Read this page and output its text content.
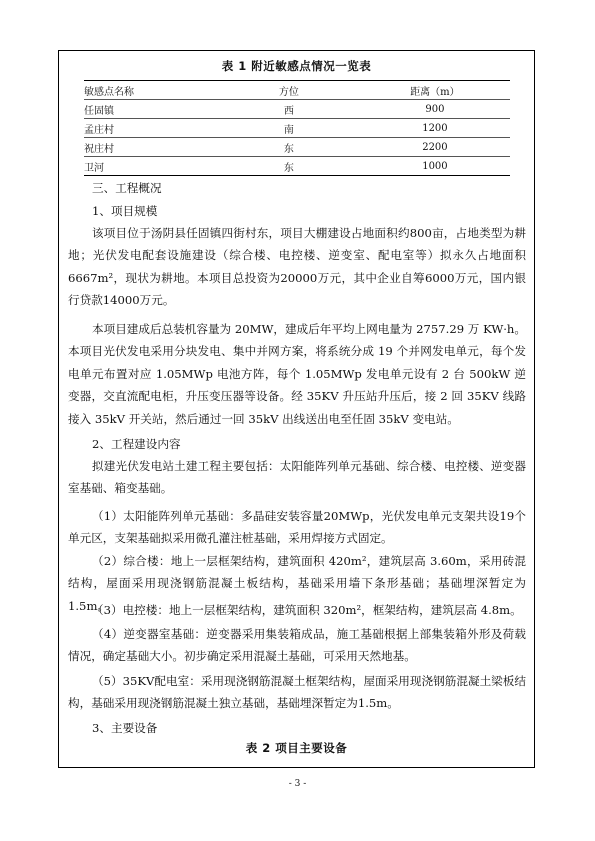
表 1 附近敏感点情况一览表
敏感点名称	方位	距离（m）
任固镇	西	900
孟庄村	南	1200
祝庄村	东	2200
卫河	东	1000
三、工程概况
1、项目规模
该项目位于汤阴县任固镇四街村东，项目大棚建设占地面积约800亩，占地类型为耕地；光伏发电配套设施建设（综合楼、电控楼、逆变室、配电室等）拟永久占地面积6667m²，现状为耕地。本项目总投资为20000万元，其中企业自筹6000万元，国内银行贷款14000万元。
本项目建成后总装机容量为 20MW，建成后年平均上网电量为 2757.29 万 KW·h。本项目光伏发电采用分块发电、集中并网方案，将系统分成 19 个并网发电单元，每个发电单元布置对应 1.05MWp 电池方阵，每个 1.05MWp 发电单元设有 2 台 500kW 逆变器，交直流配电柜，升压变压器等设备。经 35KV 升压站升压后，接 2 回 35KV 线路接入 35kV 开关站，然后通过一回 35kV 出线送出电至任固 35kV 变电站。
2、工程建设内容
拟建光伏发电站土建工程主要包括：太阳能阵列单元基础、综合楼、电控楼、逆变器室基础、箱变基础。
（1）太阳能阵列单元基础：多晶硅安装容量20MWp，光伏发电单元支架共设19个单元区，支架基础拟采用微孔灌注桩基础，采用焊接方式固定。
（2）综合楼：地上一层框架结构，建筑面积 420m²，建筑层高 3.60m，采用砖混结构，屋面采用现浇钢筋混凝土板结构，基础采用墙下条形基础；基础埋深暂定为 1.5m。
（3）电控楼：地上一层框架结构，建筑面积 320m²，框架结构，建筑层高 4.8m。
（4）逆变器室基础：逆变器采用集装箱成品，施工基础根据上部集装箱外形及荷载情况，确定基础大小。初步确定采用混凝土基础，可采用天然地基。
（5）35KV配电室：采用现浇钢筋混凝土框架结构，屋面采用现浇钢筋混凝土梁板结构，基础采用现浇钢筋混凝土独立基础，基础埋深暂定为1.5m。
3、主要设备
表 2 项目主要设备
- 3 -
